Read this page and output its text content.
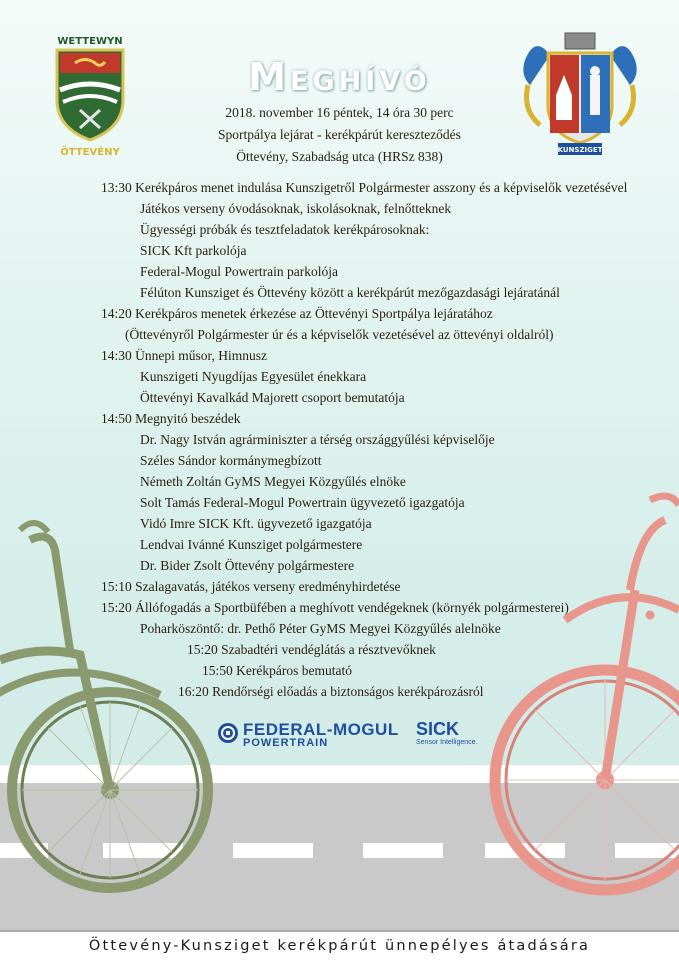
WETTEWYN
ÖTTEVÉNY	KUNSZIGET
Meghívó
2018. november 16 péntek, 14 óra 30 perc
Sportpálya lejárat - kerékpárút kereszteződés
Öttevény, Szabadság utca (HRSz 838)
13:30 Kerékpáros menet indulása Kunszigetről Polgármester asszony és a képviselők vezetésével
Játékos verseny óvodásoknak, iskolásoknak, felnőtteknek
Ügyességi próbák és tesztfeladatok kerékpárosoknak:
SICK Kft parkolója
Federal-Mogul Powertrain parkolója
Félúton Kunsziget és Öttevény között a kerékpárút mezőgazdasági lejáratánál
14:20 Kerékpáros menetek érkezése az Öttevényi Sportpálya lejáratához
(Öttevényről Polgármester úr és a képviselők vezetésével az öttevényi oldalról)
14:30 Ünnepi műsor, Himnusz
Kunszigeti Nyugdíjas Egyesület énekkara
Öttevényi Kavalkád Majorett csoport bemutatója
14:50 Megnyitó beszédek
Dr. Nagy István agrárminiszter a térség országgyűlési képviselője
Széles Sándor kormánymegbízott
Németh Zoltán GyMS Megyei Közgyűlés elnöke
Solt Tamás Federal-Mogul Powertrain ügyvezető igazgatója
Vidó Imre SICK Kft. ügyvezető igazgatója
Lendvai Ivánné Kunsziget polgármestere
Dr. Bider Zsolt Öttevény polgármestere
15:10 Szalagavatás, játékos verseny eredményhirdetése
15:20 Állófogadás a Sportbüfében a meghívott vendégeknek (környék polgármesterei)
Poharköszöntő: dr. Pethő Péter GyMS Megyei Közgyűlés alelnöke
15:20 Szabadtéri vendéglátás a résztvevőknek
15:50 Kerékpáros bemutató
16:20 Rendőrségi előadás a biztonságos kerékpározásról
FEDERAL-MOGUL
POWERTRAIN
SICK
Sensor Intelligence.
Öttevény-Kunsziget kerékpárút ünnepélyes átadására
